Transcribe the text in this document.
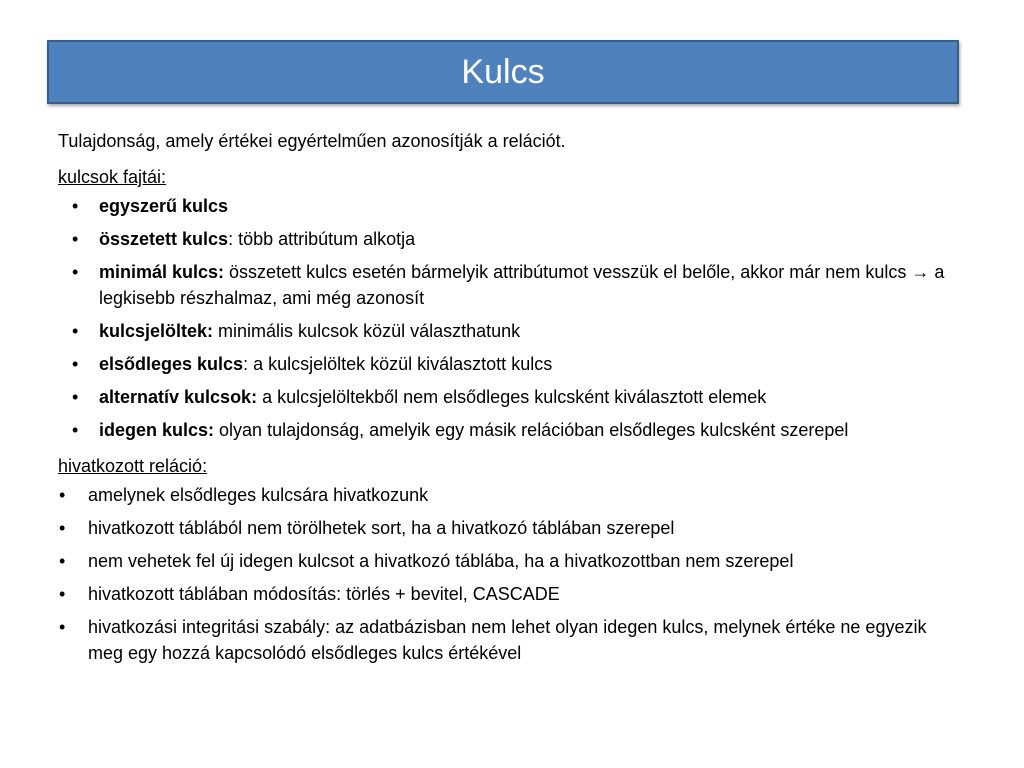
Kulcs

Tulajdonság, amely értékei egyértelműen azonosítják a relációt.

kulcsok fajtái:

• egyszerű kulcs
• összetett kulcs: több attribútum alkotja
• minimál kulcs: összetett kulcs esetén bármelyik attribútumot vesszük el belőle, akkor már nem kulcs → a legkisebb részhalmaz, ami még azonosít
• kulcsjelöltek: minimális kulcsok közül választhatunk
• elsődleges kulcs: a kulcsjelöltek közül kiválasztott kulcs
• alternatív kulcsok: a kulcsjelöltekből nem elsődleges kulcsként kiválasztott elemek
• idegen kulcs: olyan tulajdonság, amelyik egy másik relációban elsődleges kulcsként szerepel

hivatkozott reláció:

• amelynek elsődleges kulcsára hivatkozunk
• hivatkozott táblából nem törölhetek sort, ha a hivatkozó táblában szerepel
• nem vehetek fel új idegen kulcsot a hivatkozó táblába, ha a hivatkozottban nem szerepel
• hivatkozott táblában módosítás: törlés + bevitel, CASCADE
• hivatkozási integritási szabály: az adatbázisban nem lehet olyan idegen kulcs, melynek értéke ne egyezik meg egy hozzá kapcsolódó elsődleges kulcs értékével
